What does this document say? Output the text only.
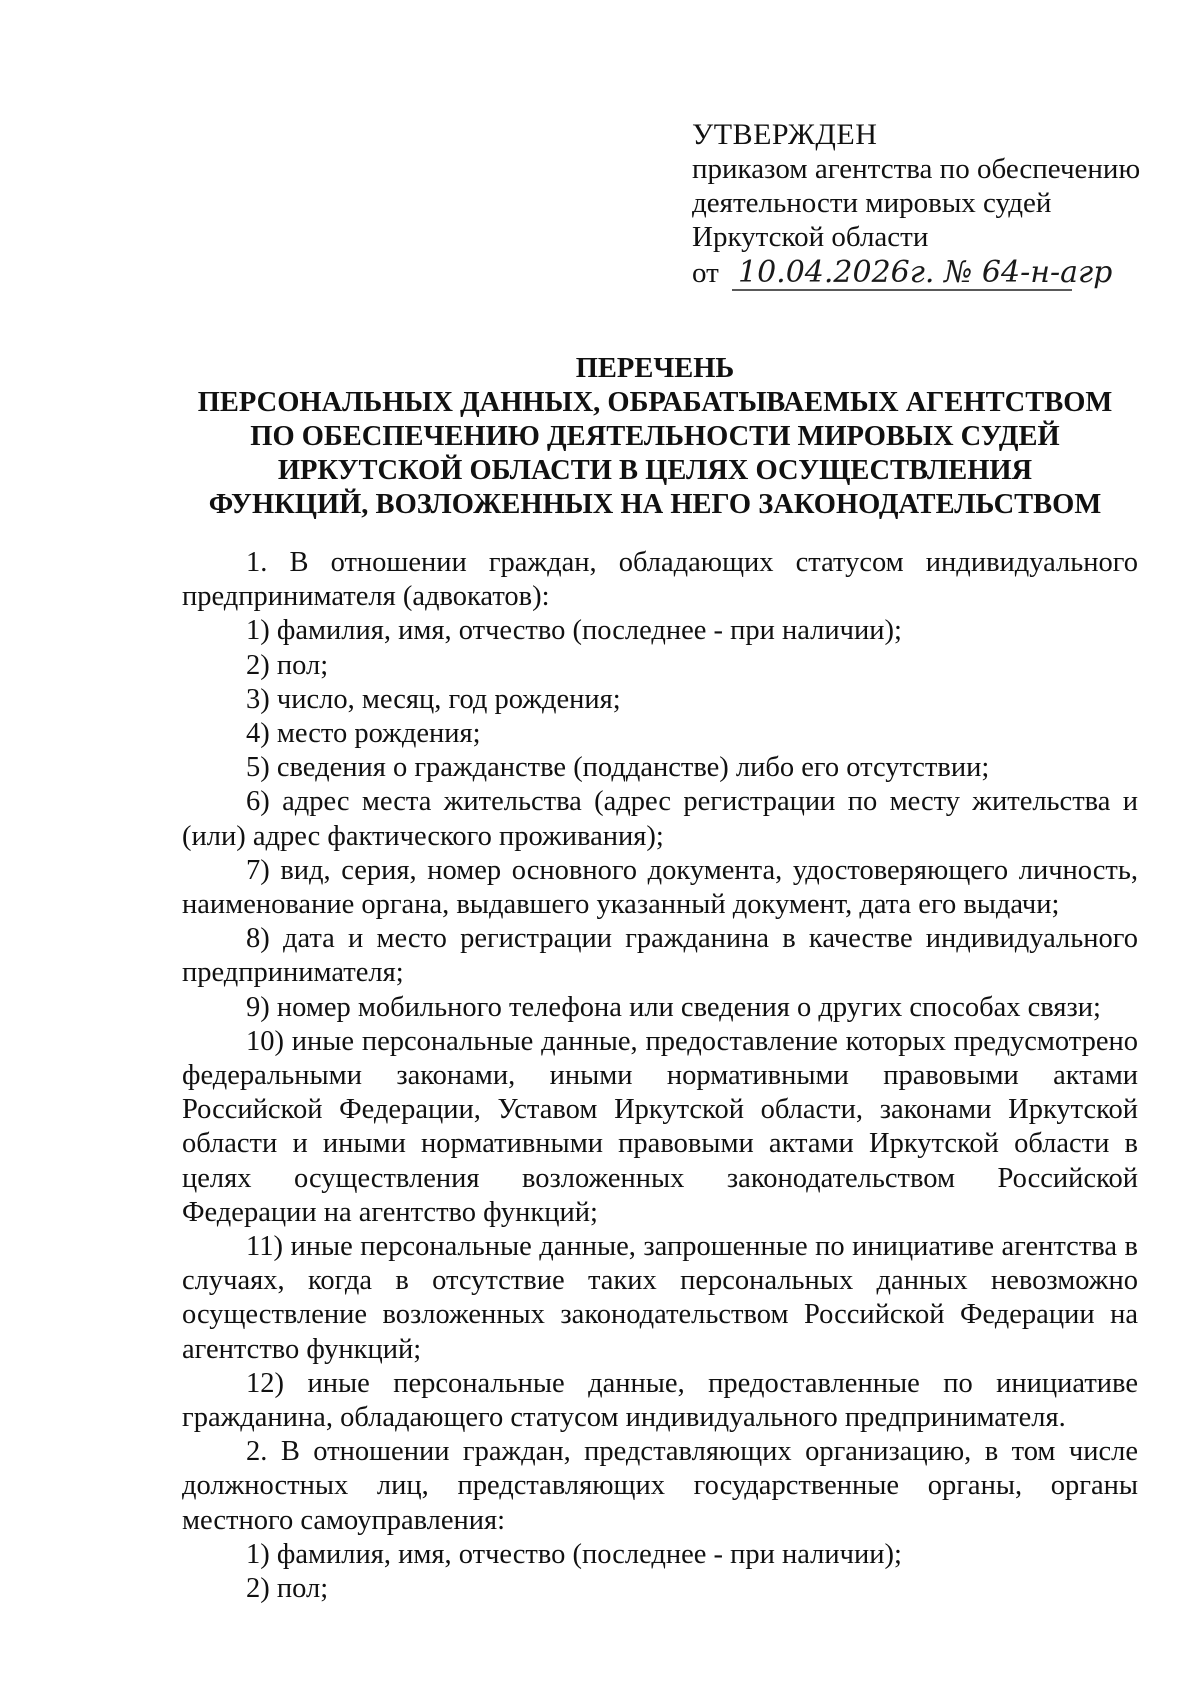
УТВЕРЖДЕН
приказом агентства по обеспечению
деятельности мировых судей
Иркутской области
от 10.04.2026г. № 64-н-агр
ПЕРЕЧЕНЬ
ПЕРСОНАЛЬНЫХ ДАННЫХ, ОБРАБАТЫВАЕМЫХ АГЕНТСТВОМ
ПО ОБЕСПЕЧЕНИЮ ДЕЯТЕЛЬНОСТИ МИРОВЫХ СУДЕЙ
ИРКУТСКОЙ ОБЛАСТИ В ЦЕЛЯХ ОСУЩЕСТВЛЕНИЯ
ФУНКЦИЙ, ВОЗЛОЖЕННЫХ НА НЕГО ЗАКОНОДАТЕЛЬСТВОМ

1. В отношении граждан, обладающих статусом индивидуального предпринимателя (адвокатов):

1) фамилия, имя, отчество (последнее - при наличии);

2) пол;

3) число, месяц, год рождения;

4) место рождения;

5) сведения о гражданстве (подданстве) либо его отсутствии;

6) адрес места жительства (адрес регистрации по месту жительства и (или) адрес фактического проживания);

7) вид, серия, номер основного документа, удостоверяющего личность, наименование органа, выдавшего указанный документ, дата его выдачи;

8) дата и место регистрации гражданина в качестве индивидуального предпринимателя;

9) номер мобильного телефона или сведения о других способах связи;

10) иные персональные данные, предоставление которых предусмотрено федеральными законами, иными нормативными правовыми актами Российской Федерации, Уставом Иркутской области, законами Иркутской области и иными нормативными правовыми актами Иркутской области в целях осуществления возложенных законодательством Российской Федерации на агентство функций;

11) иные персональные данные, запрошенные по инициативе агентства в случаях, когда в отсутствие таких персональных данных невозможно осуществление возложенных законодательством Российской Федерации на агентство функций;

12) иные персональные данные, предоставленные по инициативе гражданина, обладающего статусом индивидуального предпринимателя.

2. В отношении граждан, представляющих организацию, в том числе должностных лиц, представляющих государственные органы, органы местного самоуправления:

1) фамилия, имя, отчество (последнее - при наличии);

2) пол;
